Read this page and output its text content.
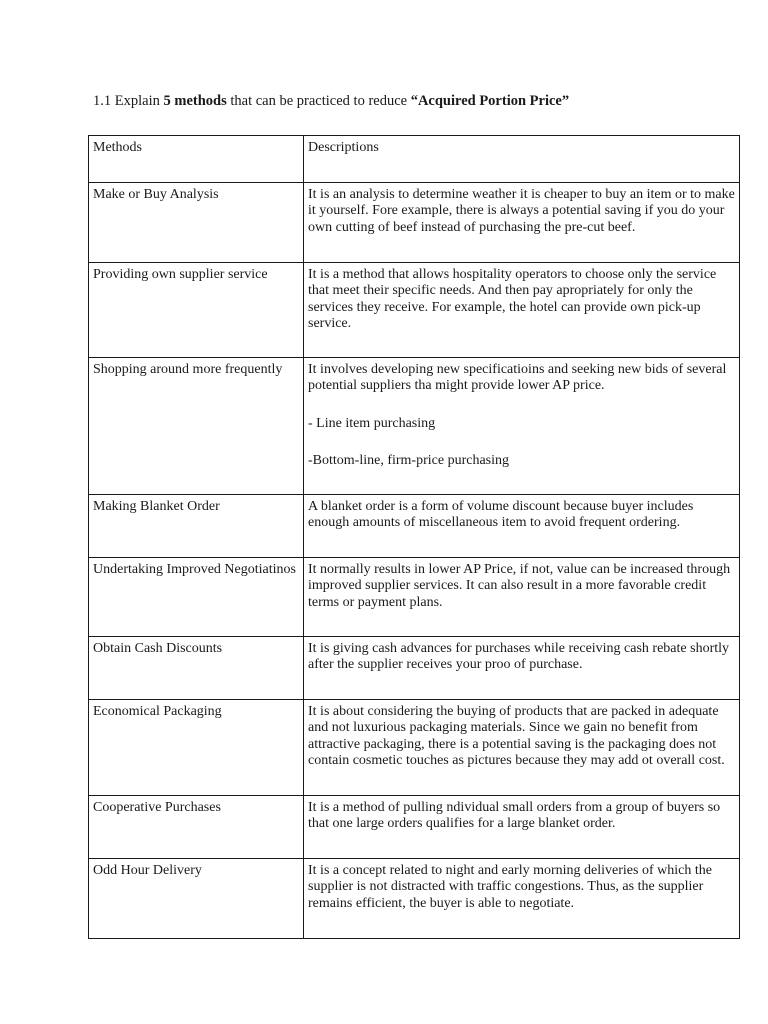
1.1 Explain 5 methods that can be practiced to reduce “Acquired Portion Price”
Methods	Descriptions
Make or Buy Analysis	It is an analysis to determine weather it is cheaper to buy an item or to make it yourself. Fore example, there is always a potential saving if you do your own cutting of beef instead of purchasing the pre-cut beef.

Providing own supplier service	It is a method that allows hospitality operators to choose only the service that meet their specific needs. And then pay apropriately for only the services they receive. For example, the hotel can provide own pick-up service.

Shopping around more frequently	It involves developing new specificatioins and seeking new bids of several potential suppliers tha might provide lower AP price.
- Line item purchasing
-Bottom-line, firm-price purchasing

Making Blanket Order	A blanket order is a form of volume discount because buyer includes enough amounts of miscellaneous item to avoid frequent ordering.

Undertaking Improved Negotiatinos	It normally results in lower AP Price, if not, value can be increased through improved supplier services. It can also result in a more favorable credit terms or payment plans.

Obtain Cash Discounts	It is giving cash advances for purchases while receiving cash rebate shortly after the supplier receives your proo of purchase.

Economical Packaging	It is about considering the buying of products that are packed in adequate and not luxurious packaging materials. Since we gain no benefit from attractive packaging, there is a potential saving is the packaging does not contain cosmetic touches as pictures because they may add ot overall cost.

Cooperative Purchases	It is a method of pulling ndividual small orders from a group of buyers so that one large orders qualifies for a large blanket order.

Odd Hour Delivery	It is a concept related to night and early morning deliveries of which the supplier is not distracted with traffic congestions. Thus, as the supplier remains efficient, the buyer is able to negotiate.
